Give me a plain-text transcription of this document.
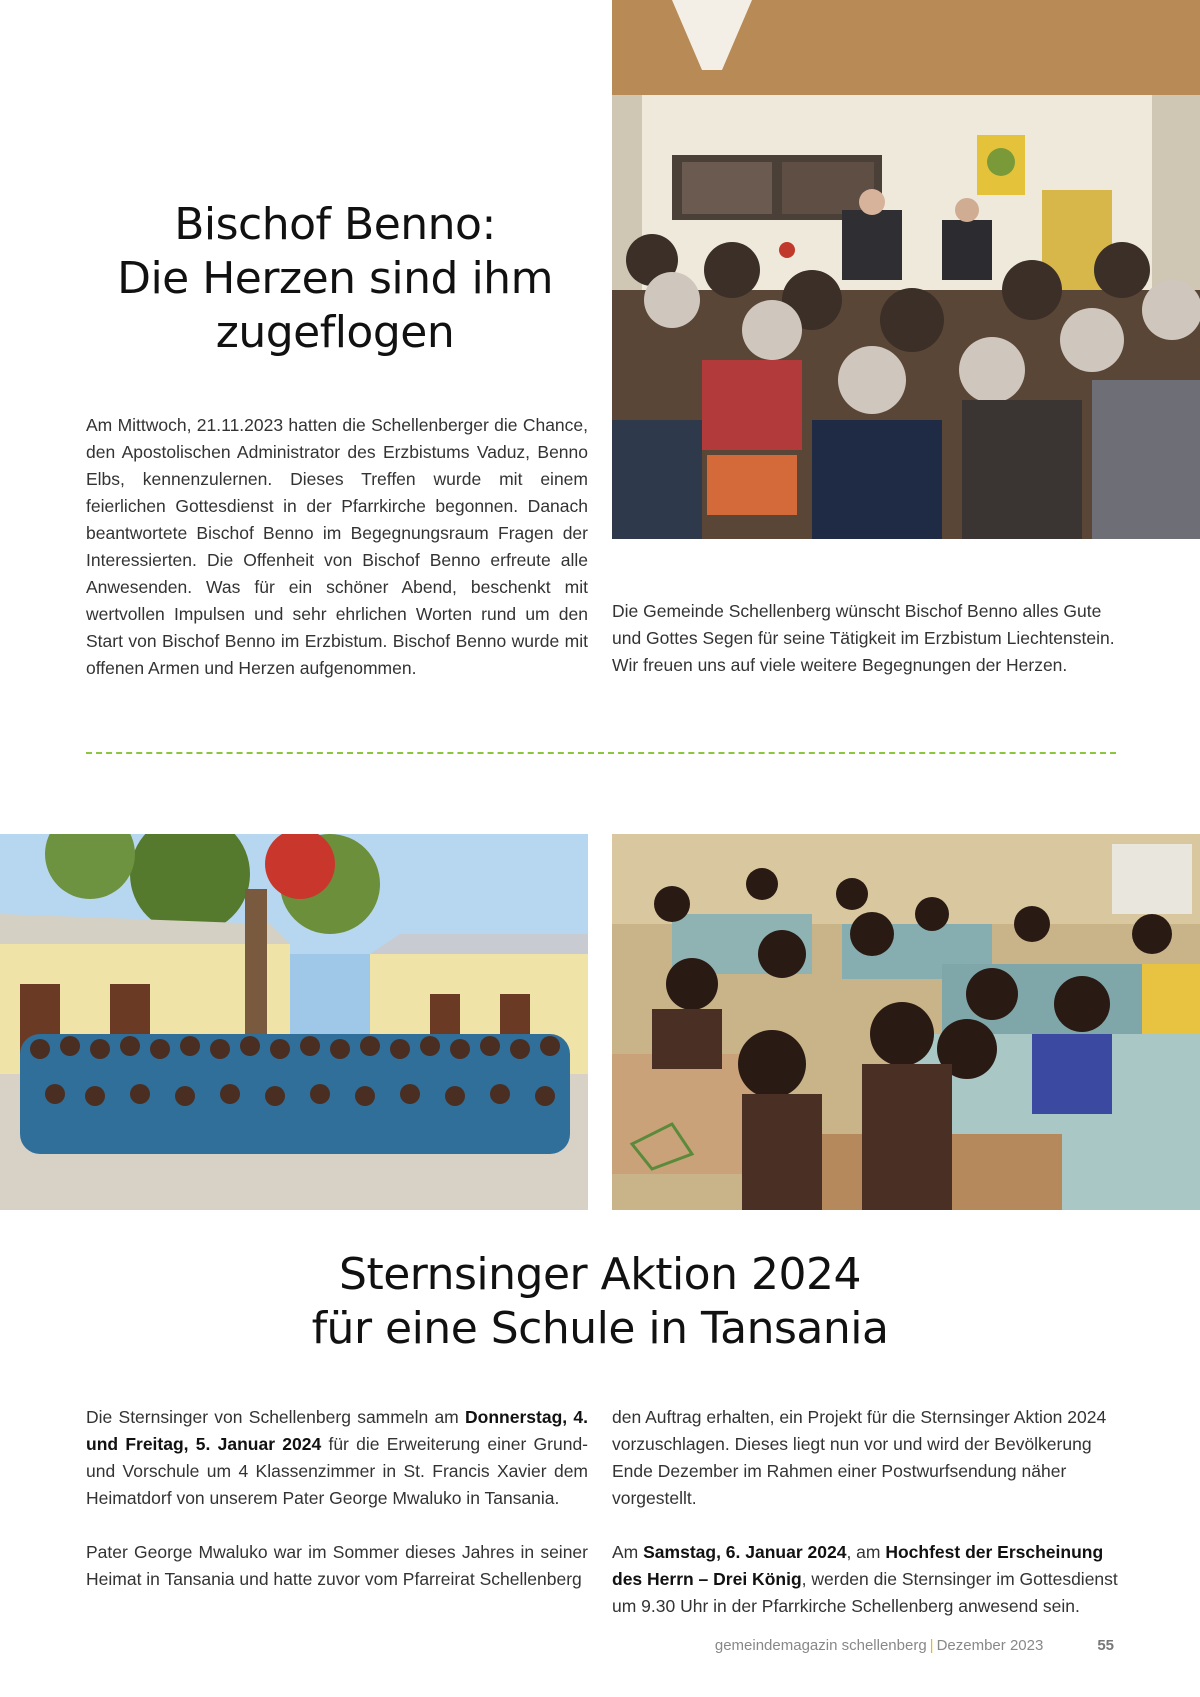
Bischof Benno:
Die Herzen sind ihm
zugeflogen

Am Mittwoch, 21.11.2023 hatten die Schellenberger die Chance, den Apostolischen Administrator des Erzbistums Vaduz, Benno Elbs, kennenzulernen. Dieses Treffen wurde mit einem feierlichen Gottesdienst in der Pfarrkirche begonnen. Danach beantwortete Bischof Benno im Begegnungsraum Fragen der Interessierten. Die Offenheit von Bischof Benno erfreute alle Anwesenden. Was für ein schöner Abend, beschenkt mit wertvollen Impulsen und sehr ehrlichen Worten rund um den Start von Bischof Benno im Erzbistum. Bischof Benno wurde mit offenen Armen und Herzen aufgenommen.

Die Gemeinde Schellenberg wünscht Bischof Benno alles Gute und Gottes Segen für seine Tätigkeit im Erzbistum Liechtenstein. Wir freuen uns auf viele weitere Begegnungen der Herzen.

Sternsinger Aktion 2024
für eine Schule in Tansania

Die Sternsinger von Schellenberg sammeln am Donnerstag, 4. und Freitag, 5. Januar 2024 für die Erweiterung einer Grund- und Vorschule um 4 Klassenzimmer in St. Francis Xavier dem Heimatdorf von unserem Pater George Mwaluko in Tansania.

Pater George Mwaluko war im Sommer dieses Jahres in seiner Heimat in Tansania und hatte zuvor vom Pfarreirat Schellenberg

den Auftrag erhalten, ein Projekt für die Sternsinger Aktion 2024 vorzuschlagen. Dieses liegt nun vor und wird der Bevölkerung Ende Dezember im Rahmen einer Postwurfsendung näher vorgestellt.

Am Samstag, 6. Januar 2024, am Hochfest der Erscheinung des Herrn – Drei König, werden die Sternsinger im Gottesdienst um 9.30 Uhr in der Pfarrkirche Schellenberg anwesend sein.

gemeindemagazin schellenberg | Dezember 2023	55
